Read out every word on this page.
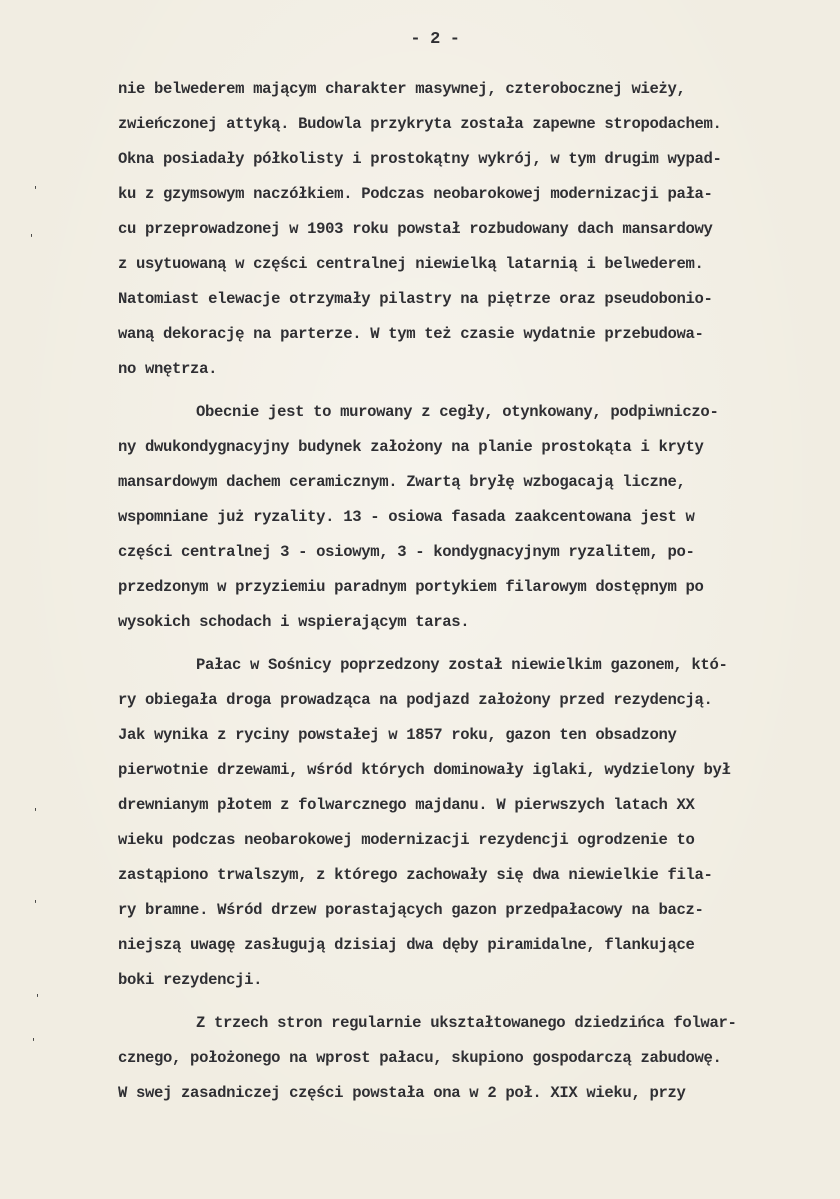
- 2 -
'
'
'
'
'
'
nie belwederem mającym charakter masywnej, czterobocznej wieży,
zwieńczonej attyką. Budowla przykryta została zapewne stropodachem.
Okna posiadały półkolisty i prostokątny wykrój, w tym drugim wypad-
ku z gzymsowym naczółkiem. Podczas neobarokowej modernizacji pała-
cu przeprowadzonej w 1903 roku powstał rozbudowany dach mansardowy
z usytuowaną w części centralnej niewielką latarnią i belwederem.
Natomiast elewacje otrzymały pilastry na piętrze oraz pseudobonio-
waną dekorację na parterze. W tym też czasie wydatnie przebudowa-
no wnętrza.
Obecnie jest to murowany z cegły, otynkowany, podpiwniczo-
ny dwukondygnacyjny budynek założony na planie prostokąta i kryty
mansardowym dachem ceramicznym. Zwartą bryłę wzbogacają liczne,
wspomniane już ryzality. 13 - osiowa fasada zaakcentowana jest w
części centralnej 3 - osiowym, 3 - kondygnacyjnym ryzalitem, po-
przedzonym w przyziemiu paradnym portykiem filarowym dostępnym po
wysokich schodach i wspierającym taras.
Pałac w Sośnicy poprzedzony został niewielkim gazonem, któ-
ry obiegała droga prowadząca na podjazd założony przed rezydencją.
Jak wynika z ryciny powstałej w 1857 roku, gazon ten obsadzony
pierwotnie drzewami, wśród których dominowały iglaki, wydzielony był
drewnianym płotem z folwarcznego majdanu. W pierwszych latach XX
wieku podczas neobarokowej modernizacji rezydencji ogrodzenie to
zastąpiono trwalszym, z którego zachowały się dwa niewielkie fila-
ry bramne. Wśród drzew porastających gazon przedpałacowy na bacz-
niejszą uwagę zasługują dzisiaj dwa dęby piramidalne, flankujące
boki rezydencji.
Z trzech stron regularnie ukształtowanego dziedzińca folwar-
cznego, położonego na wprost pałacu, skupiono gospodarczą zabudowę.
W swej zasadniczej części powstała ona w 2 poł. XIX wieku, przy
